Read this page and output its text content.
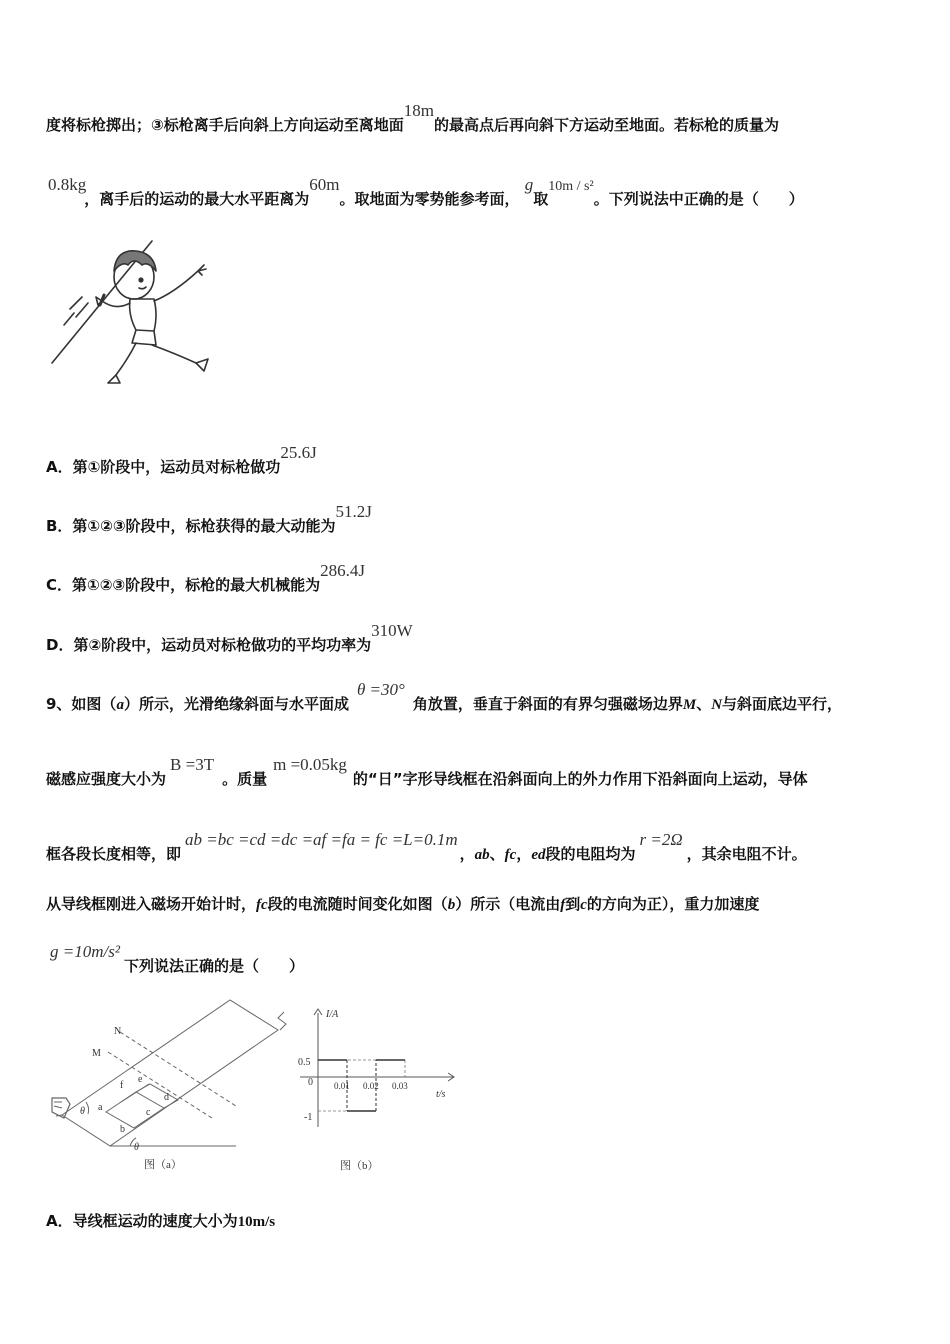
度将标枪掷出；③标枪离手后向斜上方向运动至离地面18m的最高点后再向斜下方运动至地面。若标枪的质量为
0.8kg，离手后的运动的最大水平距离为60m。取地面为零势能参考面， g取10m / s²。下列说法中正确的是（　　）
A．第①阶段中，运动员对标枪做功25.6J
B．第①②③阶段中，标枪获得的最大动能为51.2J
C．第①②③阶段中，标枪的最大机械能为286.4J
D．第②阶段中，运动员对标枪做功的平均功率为310W
9、如图（a）所示，光滑绝缘斜面与水平面成θ =30°角放置，垂直于斜面的有界匀强磁场边界M、N与斜面底边平行，
磁感应强度大小为B =3T。质量m =0.05kg的“日”字形导线框在沿斜面向上的外力作用下沿斜面向上运动，导体
框各段长度相等，即ab =bc =cd =dc =af =fa = fc =L=0.1m，ab、fc，ed段的电阻均为r =2Ω，其余电阻不计。
从导线框刚进入磁场开始计时，fc段的电流随时间变化如图（b）所示（电流由f到c的方向为正），重力加速度
g =10m/s²下列说法正确的是（　　）
N
M
f
e
d
a
b
c
θ
θ
图（a）
I/A
t/s
0.5
0
-1
0.01 0.02 0.03
图（b）
A．导线框运动的速度大小为10m/s
